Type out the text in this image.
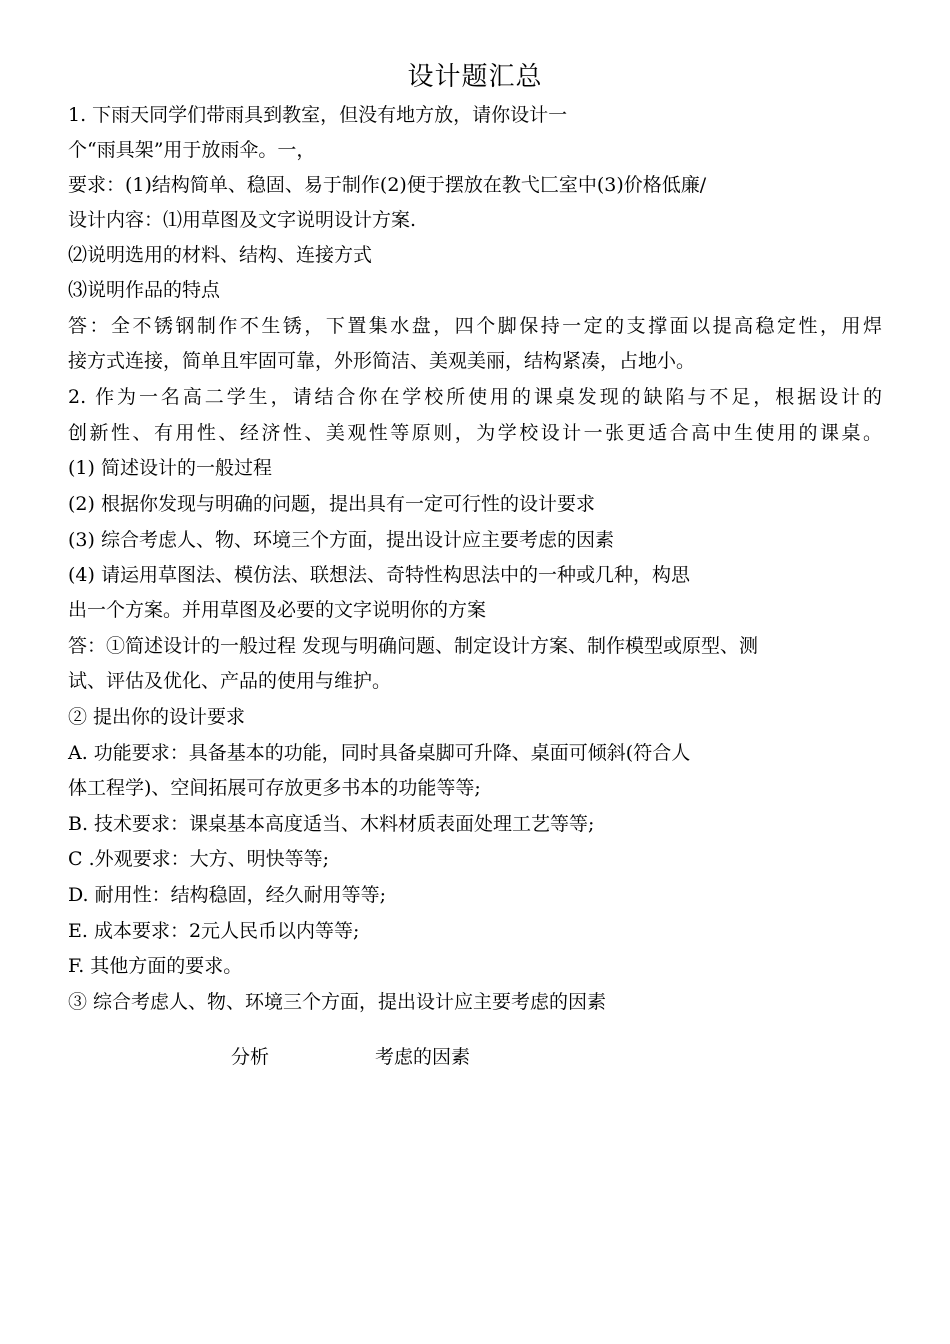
设计题汇总
1. 下雨天同学们带雨具到教室，但没有地方放，请你设计一
个“雨具架”用于放雨伞。一，
要求：(1)结构简单、稳固、易于制作(2)便于摆放在教弋匚室中(3)价格低廉/
设计内容：⑴用草图及文字说明设计方案.
⑵说明选用的材料、结构、连接方式
⑶说明作品的特点
答：全不锈钢制作不生锈，下置集水盘，四个脚保持一定的支撑面以提高稳定性，用焊
接方式连接，简单且牢固可靠，外形简洁、美观美丽，结构紧凑，占地小。
2. 作为一名高二学生，请结合你在学校所使用的课桌发现的缺陷与不足，根据设计的
创新性、有用性、经济性、美观性等原则，为学校设计一张更适合高中生使用的课桌。
(1) 简述设计的一般过程
(2) 根据你发现与明确的问题，提出具有一定可行性的设计要求
(3) 综合考虑人、物、环境三个方面，提出设计应主要考虑的因素
(4) 请运用草图法、模仿法、联想法、奇特性构思法中的一种或几种，构思
出一个方案。并用草图及必要的文字说明你的方案
答：①简述设计的一般过程 发现与明确问题、制定设计方案、制作模型或原型、测
试、评估及优化、产品的使用与维护。
② 提出你的设计要求
A. 功能要求：具备基本的功能，同时具备桌脚可升降、桌面可倾斜(符合人
体工程学)、空间拓展可存放更多书本的功能等等;
B. 技术要求：课桌基本高度适当、木料材质表面处理工艺等等;
C .外观要求：大方、明快等等;
D. 耐用性：结构稳固，经久耐用等等;
E. 成本要求：2元人民币以内等等;
F. 其他方面的要求。
③ 综合考虑人、物、环境三个方面，提出设计应主要考虑的因素
分析	考虑的因素
